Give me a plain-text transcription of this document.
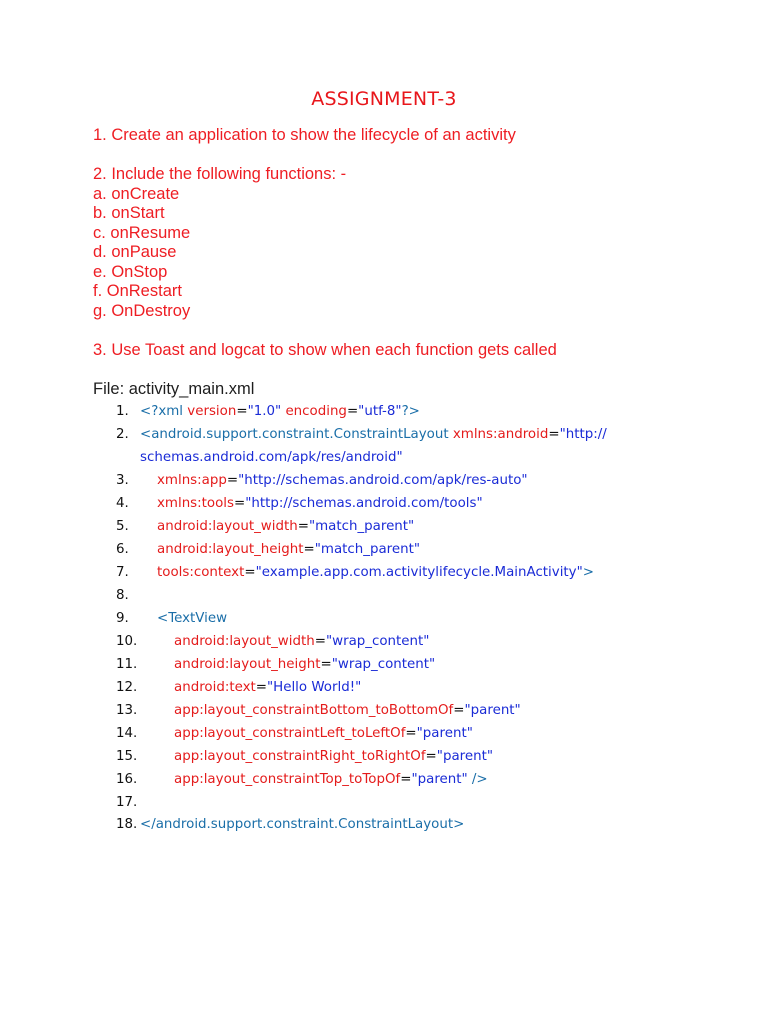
ASSIGNMENT-3
1. Create an application to show the lifecycle of an activity
2. Include the following functions: -
a. onCreate
b. onStart
c. onResume
d. onPause
e. OnStop
f. OnRestart
g. OnDestroy
3. Use Toast and logcat to show when each function gets called
File: activity_main.xml
1.
2.
3.
4.
5.
6.
7.
8.
9.
10.
11.
12.
13.
14.
15.
16.
17.
18.
<?xml version="1.0" encoding="utf-8"?>
<android.support.constraint.ConstraintLayout xmlns:android="http://
schemas.android.com/apk/res/android"
xmlns:app="http://schemas.android.com/apk/res-auto"
xmlns:tools="http://schemas.android.com/tools"
android:layout_width="match_parent"
android:layout_height="match_parent"
tools:context="example.app.com.activitylifecycle.MainActivity">
<TextView
android:layout_width="wrap_content"
android:layout_height="wrap_content"
android:text="Hello World!"
app:layout_constraintBottom_toBottomOf="parent"
app:layout_constraintLeft_toLeftOf="parent"
app:layout_constraintRight_toRightOf="parent"
app:layout_constraintTop_toTopOf="parent" />
</android.support.constraint.ConstraintLayout>
